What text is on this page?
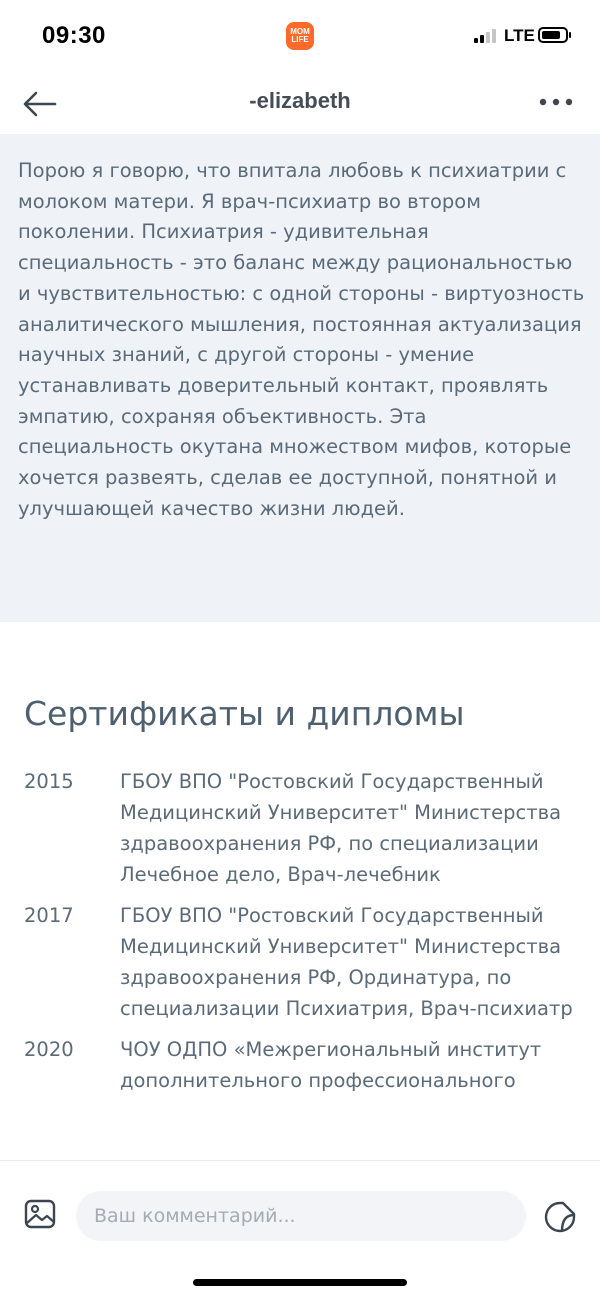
09:30	MOM LIFE	LTE
-elizabeth

Порою я говорю, что впитала любовь к психиатрии с молоком матери. Я врач-психиатр во втором поколении. Психиатрия - удивительная специальность - это баланс между рациональностью и чувствительностью: с одной стороны - виртуозность аналитического мышления, постоянная актуализация научных знаний, с другой стороны - умение устанавливать доверительный контакт, проявлять эмпатию, сохраняя объективность. Эта специальность окутана множеством мифов, которые хочется развеять, сделав ее доступной, понятной и улучшающей качество жизни людей.

Сертификаты и дипломы
2015 ГБОУ ВПО "Ростовский Государственный Медицинский Университет" Министерства здравоохранения РФ, по специализации Лечебное дело, Врач-лечебник
2017 ГБОУ ВПО "Ростовский Государственный Медицинский Университет" Министерства здравоохранения РФ, Ординатура, по специализации Психиатрия, Врач-психиатр
2020 ЧОУ ОДПО «Межрегиональный институт дополнительного профессионального
Ваш комментарий...
